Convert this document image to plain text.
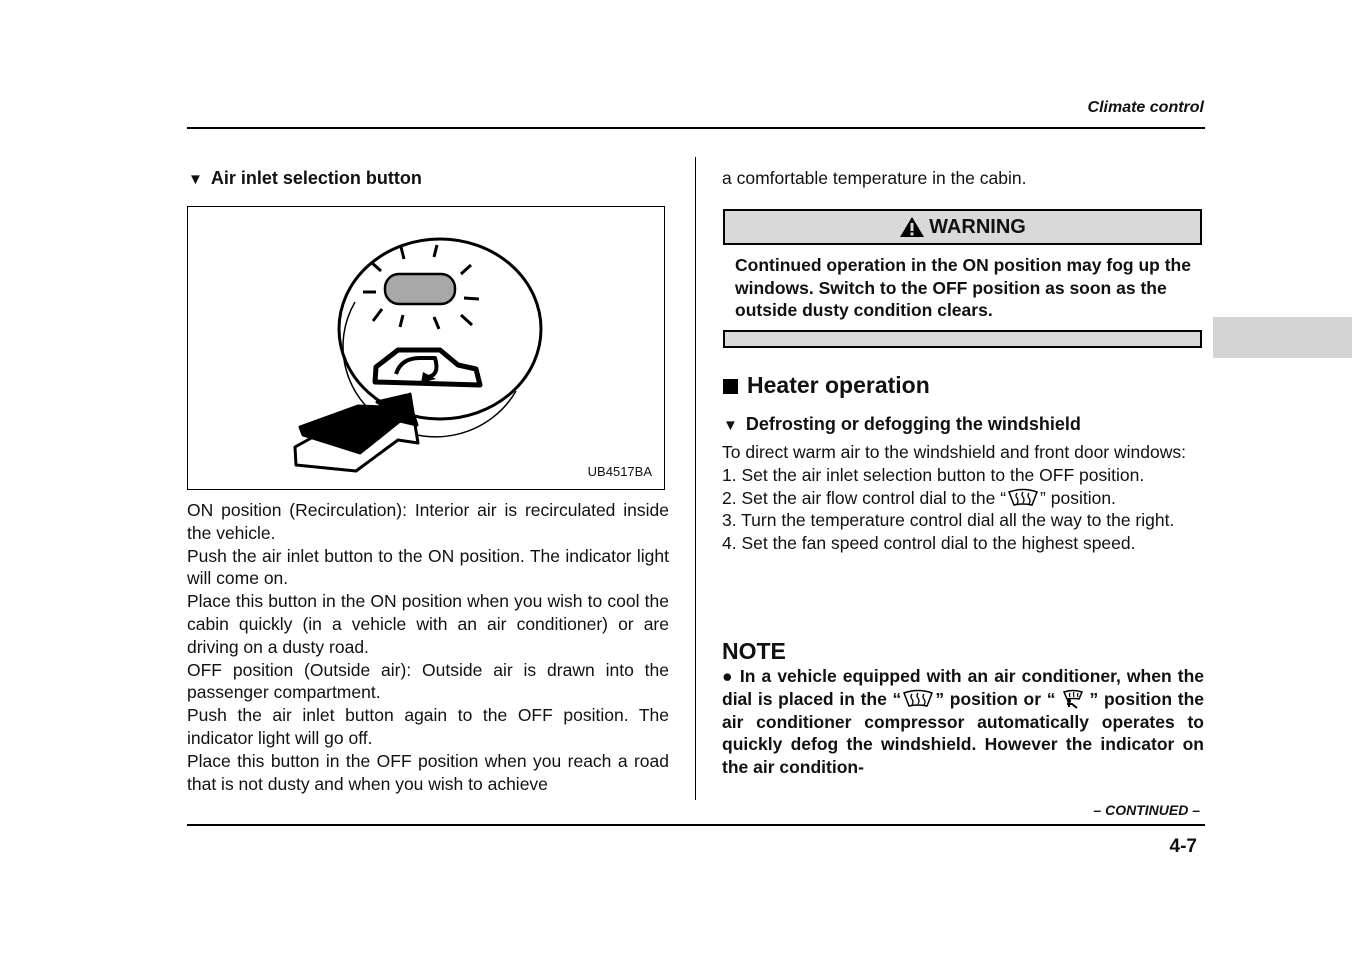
Climate control
▼ Air inlet selection button
UB4517BA

ON position (Recirculation): Interior air is recirculated inside the vehicle.

Push the air inlet button to the ON position. The indicator light will come on.

Place this button in the ON position when you wish to cool the cabin quickly (in a vehicle with an air conditioner) or are driving on a dusty road.

OFF position (Outside air): Outside air is drawn into the passenger compartment.

Push the air inlet button again to the OFF position. The indicator light will go off.

Place this button in the OFF position when you reach a road that is not dusty and when you wish to achieve

a comfortable temperature in the cabin.
WARNING

Continued operation in the ON position may fog up the windows. Switch to the OFF position as soon as the outside dusty condition clears.

Heater operation
▼ Defrosting or defogging the windshield

To direct warm air to the windshield and front door windows:

1. Set the air inlet selection button to the OFF position.

2. Set the air flow control dial to the “ ” position.

3. Turn the temperature control dial all the way to the right.

4. Set the fan speed control dial to the highest speed.

NOTE

● In a vehicle equipped with an air conditioner, when the dial is placed in the “ ” position or “ ” position the air conditioner compressor automatically operates to quickly defog the windshield. However the indicator on the air condition-

– CONTINUED –
4-7
